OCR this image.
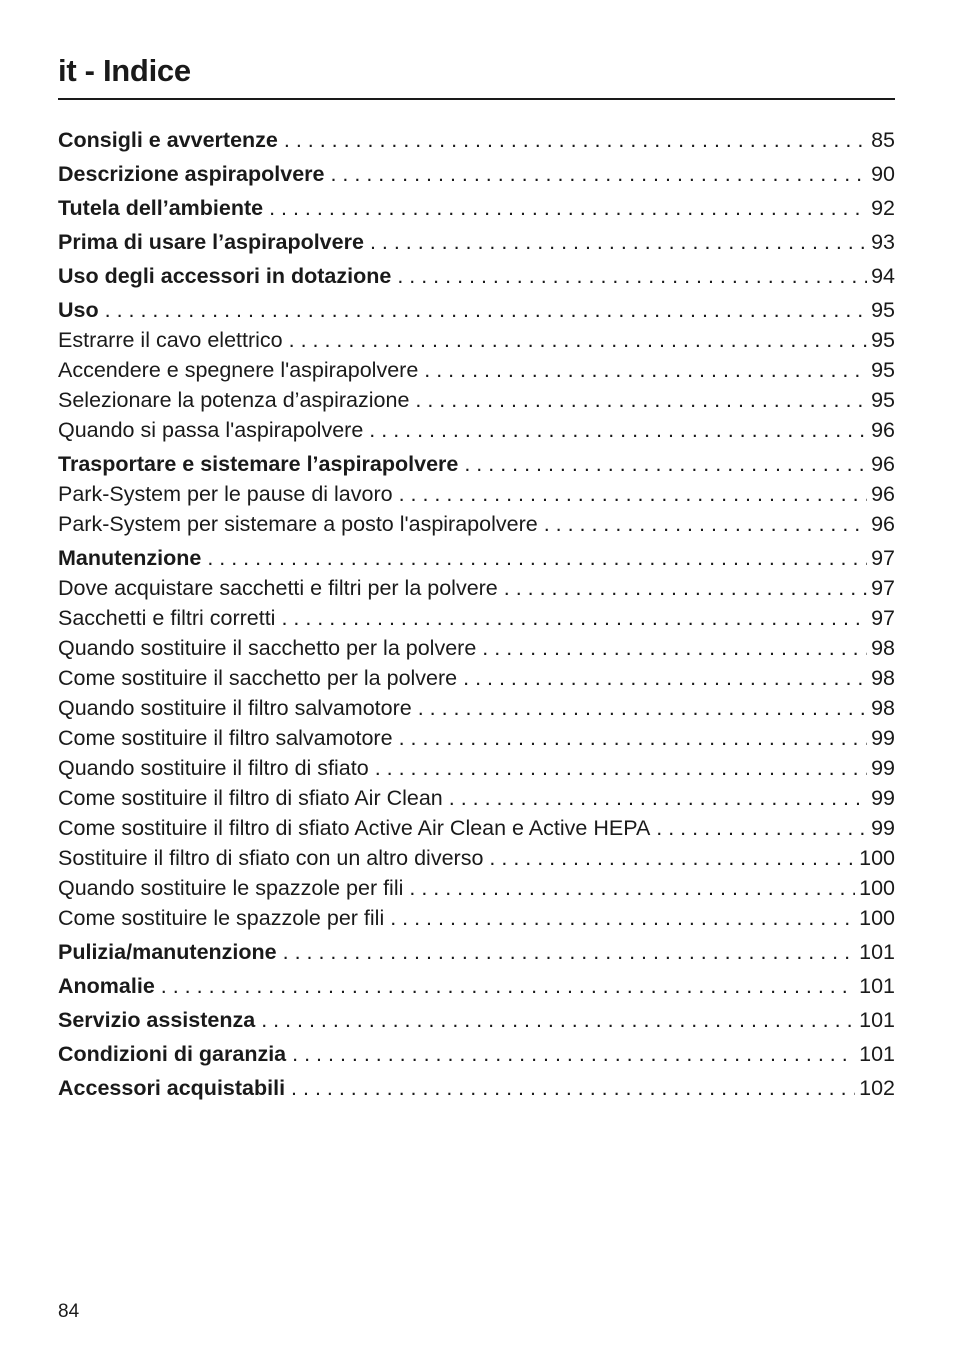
it - Indice
Consigli e avvertenze . . .	85
Descrizione aspirapolvere . . .	90
Tutela dell’ambiente . . .	92
Prima di usare l’aspirapolvere . . .	93
Uso degli accessori in dotazione . . .	94
Uso . . .	95
Estrarre il cavo elettrico . . .	95
Accendere e spegnere l'aspirapolvere . . .	95
Selezionare la potenza d’aspirazione . . .	95
Quando si passa l'aspirapolvere . . .	96
Trasportare e sistemare l’aspirapolvere . . .	96
Park-System per le pause di lavoro . . .	96
Park-System per sistemare a posto l'aspirapolvere . . .	96
Manutenzione . . .	97
Dove acquistare sacchetti e filtri per la polvere . . .	97
Sacchetti e filtri corretti . . .	97
Quando sostituire il sacchetto per la polvere . . .	98
Come sostituire il sacchetto per la polvere . . .	98
Quando sostituire il filtro salvamotore . . .	98
Come sostituire il filtro salvamotore . . .	99
Quando sostituire il filtro di sfiato . . .	99
Come sostituire il filtro di sfiato Air Clean . . .	99
Come sostituire il filtro di sfiato Active Air Clean e Active HEPA . . .	99
Sostituire il filtro di sfiato con un altro diverso . . .	100
Quando sostituire le spazzole per fili . . .	100
Come sostituire le spazzole per fili . . .	100
Pulizia/manutenzione . . .	101
Anomalie . . .	101
Servizio assistenza . . .	101
Condizioni di garanzia . . .	101
Accessori acquistabili . . .	102
84
